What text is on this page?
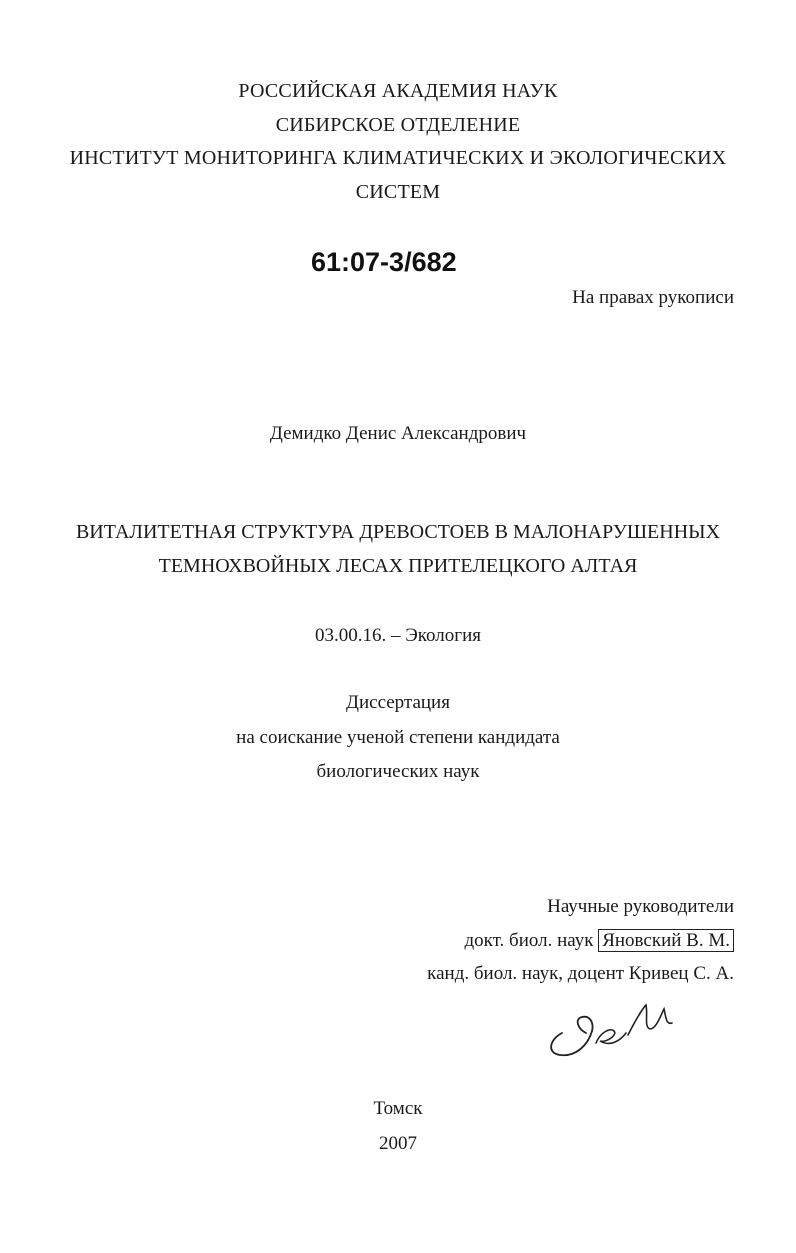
РОССИЙСКАЯ АКАДЕМИЯ НАУК
СИБИРСКОЕ ОТДЕЛЕНИЕ
ИНСТИТУТ МОНИТОРИНГА КЛИМАТИЧЕСКИХ И ЭКОЛОГИЧЕСКИХ
СИСТЕМ
61:07-3/682
На правах рукописи
Демидко Денис Александрович
ВИТАЛИТЕТНАЯ СТРУКТУРА ДРЕВОСТОЕВ В МАЛОНАРУШЕННЫХ
ТЕМНОХВОЙНЫХ ЛЕСАХ ПРИТЕЛЕЦКОГО АЛТАЯ
03.00.16. – Экология
Диссертация
на соискание ученой степени кандидата
биологических наук
Научные руководители
докт. биол. наук Яновский В. М.
канд. биол. наук, доцент Кривец С. А.
Томск
2007
